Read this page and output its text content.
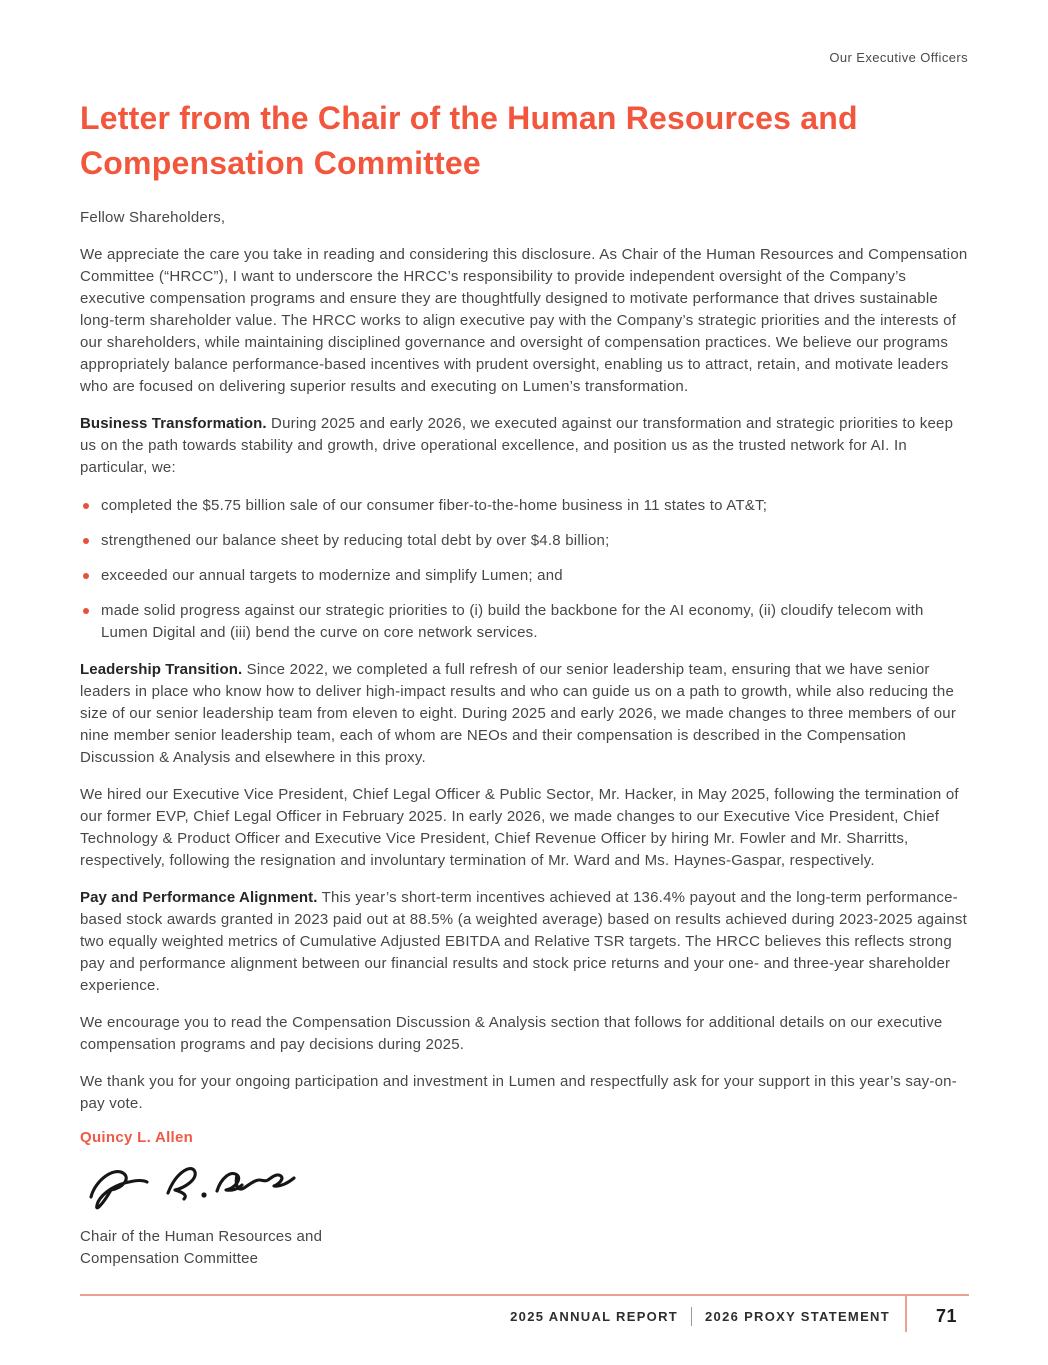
Our Executive Officers
Letter from the Chair of the Human Resources and Compensation Committee

Fellow Shareholders,

We appreciate the care you take in reading and considering this disclosure. As Chair of the Human Resources and Compensation Committee (“HRCC”), I want to underscore the HRCC’s responsibility to provide independent oversight of the Company’s executive compensation programs and ensure they are thoughtfully designed to motivate performance that drives sustainable long-term shareholder value. The HRCC works to align executive pay with the Company’s strategic priorities and the interests of our shareholders, while maintaining disciplined governance and oversight of compensation practices. We believe our programs appropriately balance performance-based incentives with prudent oversight, enabling us to attract, retain, and motivate leaders who are focused on delivering superior results and executing on Lumen’s transformation.

Business Transformation. During 2025 and early 2026, we executed against our transformation and strategic priorities to keep us on the path towards stability and growth, drive operational excellence, and position us as the trusted network for AI. In particular, we:

completed the $5.75 billion sale of our consumer fiber-to-the-home business in 11 states to AT&T;
strengthened our balance sheet by reducing total debt by over $4.8 billion;
exceeded our annual targets to modernize and simplify Lumen; and
made solid progress against our strategic priorities to (i) build the backbone for the AI economy, (ii) cloudify telecom with Lumen Digital and (iii) bend the curve on core network services.

Leadership Transition. Since 2022, we completed a full refresh of our senior leadership team, ensuring that we have senior leaders in place who know how to deliver high-impact results and who can guide us on a path to growth, while also reducing the size of our senior leadership team from eleven to eight. During 2025 and early 2026, we made changes to three members of our nine member senior leadership team, each of whom are NEOs and their compensation is described in the Compensation Discussion & Analysis and elsewhere in this proxy.

We hired our Executive Vice President, Chief Legal Officer & Public Sector, Mr. Hacker, in May 2025, following the termination of our former EVP, Chief Legal Officer in February 2025. In early 2026, we made changes to our Executive Vice President, Chief Technology & Product Officer and Executive Vice President, Chief Revenue Officer by hiring Mr. Fowler and Mr. Sharritts, respectively, following the resignation and involuntary termination of Mr. Ward and Ms. Haynes-Gaspar, respectively.

Pay and Performance Alignment. This year’s short-term incentives achieved at 136.4% payout and the long-term performance-based stock awards granted in 2023 paid out at 88.5% (a weighted average) based on results achieved during 2023-2025 against two equally weighted metrics of Cumulative Adjusted EBITDA and Relative TSR targets. The HRCC believes this reflects strong pay and performance alignment between our financial results and stock price returns and your one- and three-year shareholder experience.

We encourage you to read the Compensation Discussion & Analysis section that follows for additional details on our executive compensation programs and pay decisions during 2025.

We thank you for your ongoing participation and investment in Lumen and respectfully ask for your support in this year’s say-on-pay vote.

Quincy L. Allen
Chair of the Human Resources and Compensation Committee
2025 ANNUAL REPORT 2026 PROXY STATEMENT	71
